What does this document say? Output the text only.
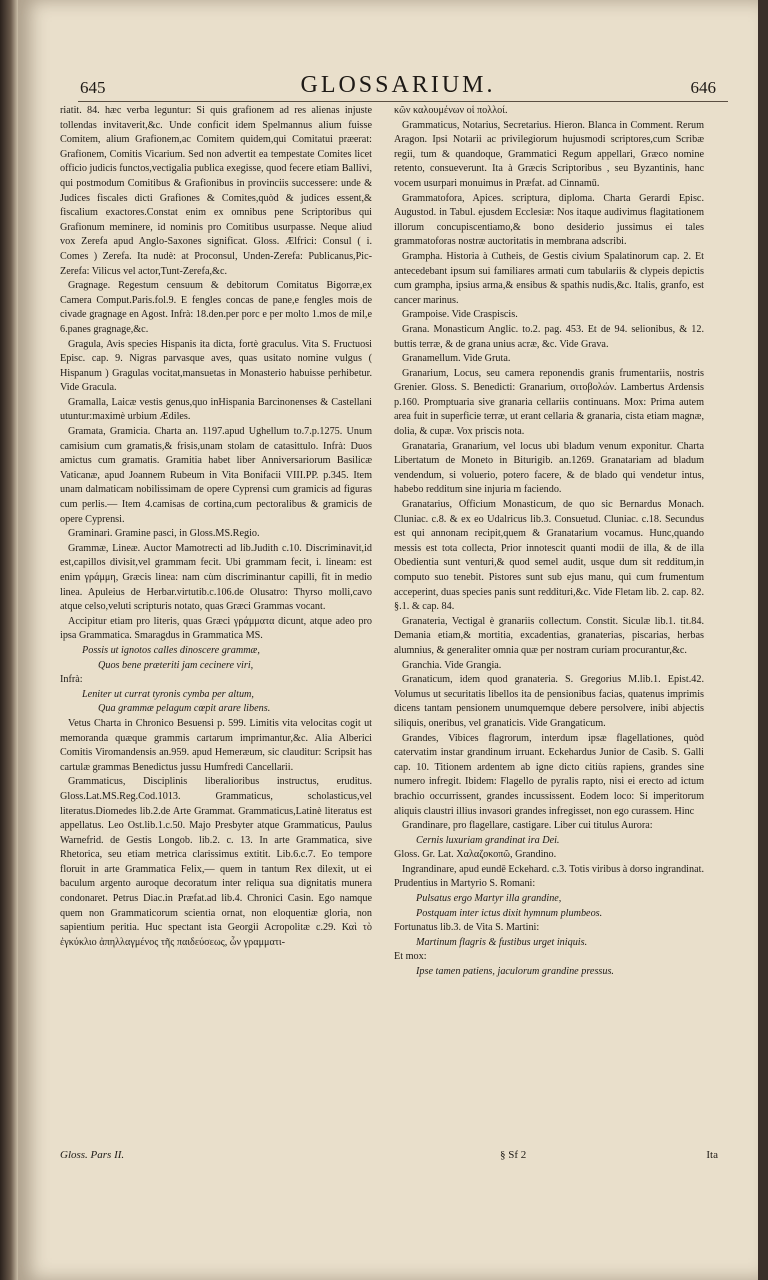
645	GLOSSARIUM.	646

riatit. 84. hæc verba leguntur: Si quis grafionem ad res alienas injuste tollendas invitaverit,&c. Unde conficit idem Spelmannus alium fuisse Comitem, alium Grafionem,ac Comitem quidem,qui Comitatui præerat: Grafionem, Comitis Vicarium. Sed non advertit ea tempestate Comites licet officio judicis functos,vectigalia publica exegisse, quod fecere etiam Ballivi, qui postmodum Comitibus & Grafionibus in provinciis successere: unde & Judices fiscales dicti Grafiones & Comites,quòd & judices essent,& fiscalium exactores.Constat enim ex omnibus pene Scriptoribus qui Grafionum meminere, id nominis pro Comitibus usurpasse. Neque aliud vox Zerefa apud Anglo-Saxones significat. Gloss. Ælfrici: Consul ( i. Comes ) Zerefa. Ita nudè: at Proconsul, Unden-Zerefa: Publicanus,Pic-Zerefa: Vilicus vel actor,Tunt-Zerefa,&c.

Gragnage. Regestum censuum & debitorum Comitatus Bigorræ,ex Camera Comput.Paris.fol.9. E fengles concas de pane,e fengles mois de civade gragnage en Agost. Infrà: 18.den.per porc e per molto 1.mos de mil,e 6.panes gragnage,&c.

Gragula, Avis species Hispanis ita dicta, fortè graculus. Vita S. Fructuosi Episc. cap. 9. Nigras parvasque aves, quas usitato nomine vulgus ( Hispanum ) Gragulas vocitat,mansuetas in Monasterio habuisse perhibetur. Vide Gracula.

Gramalla, Laicæ vestis genus,quo inHispania Barcinonenses & Castellani utuntur:maximè urbium Ædiles.

Gramata, Gramicia. Charta an. 1197.apud Ughellum to.7.p.1275. Unum camisium cum gramatis,& frisis,unam stolam de catasittulo. Infrà: Duos amictus cum gramatis. Gramitia habet liber Anniversariorum Basilicæ Vaticanæ, apud Joannem Rubeum in Vita Bonifacii VIII.PP. p.345. Item unam dalmaticam nobilissimam de opere Cyprensi cum gramicis ad figuras cum perlis.— Item 4.camisas de cortina,cum pectoralibus & gramicis de opere Cyprensi.

Graminari. Gramine pasci, in Gloss.MS.Regio.

Grammæ, Lineæ. Auctor Mamotrecti ad lib.Judith c.10. Discriminavit,id est,capillos divisit,vel grammam fecit. Ubi grammam fecit, i. lineam: est enim γράμμη, Græcis linea: nam cùm discriminantur capilli, fit in medio linea. Apuleius de Herbar.virtutib.c.106.de Olusatro: Thyrso molli,cavo atque celso,veluti scripturis notato, quas Græci Grammas vocant.

Accipitur etiam pro literis, quas Græci γράμματα dicunt, atque adeo pro ipsa Grammatica. Smaragdus in Grammatica MS.

Possis ut ignotos calles dinoscere grammæ,

Quos bene præteriti jam cecinere viri,

Infrà:

Leniter ut currat tyronis cymba per altum,

Qua grammæ pelagum cœpit arare libens.

Vetus Charta in Chronico Besuensi p. 599. Limitis vita velocitas cogit ut memoranda quæque grammis cartarum imprimantur,&c. Alia Alberici Comitis Viromandensis an.959. apud Hemeræum, sic clauditur: Scripsit has cartulæ grammas Benedictus jussu Humfredi Cancellarii.

Grammaticus, Disciplinis liberalioribus instructus, eruditus. Gloss.Lat.MS.Reg.Cod.1013. Grammaticus, scholasticus,vel literatus.Diomedes lib.2.de Arte Grammat. Grammaticus,Latinè literatus est appellatus. Leo Ost.lib.1.c.50. Majo Presbyter atque Grammaticus, Paulus Warnefrid. de Gestis Longob. lib.2. c. 13. In arte Grammatica, sive Rhetorica, seu etiam metrica clarissimus extitit. Lib.6.c.7. Eo tempore floruit in arte Grammatica Felix,— quem in tantum Rex dilexit, ut ei baculum argento auroque decoratum inter reliqua sua dignitatis munera condonaret. Petrus Diac.in Præfat.ad lib.4. Chronici Casin. Ego namque quem non Grammaticorum scientia ornat, non eloquentiæ gloria, non sapientium peritia. Huc spectant ista Georgii Acropolitæ c.29. Καὶ τὸ ἐγκύκλιο ἀπηλλαγμένος τῆς παιδεύσεως, ὧν γραμματι-

κῶν καλουμένων οἱ πολλοί.

Grammaticus, Notarius, Secretarius. Hieron. Blanca in Comment. Rerum Aragon. Ipsi Notarii ac privilegiorum hujusmodi scriptores,cum Scribæ regii, tum & quandoque, Grammatici Regum appellari, Græco nomine retento, consueverunt. Ita à Græcis Scriptoribus , seu Byzantinis, hanc vocem usurpari monuimus in Præfat. ad Cinnamū.

Grammatofora, Apices. scriptura, diploma. Charta Gerardi Episc. Augustod. in Tabul. ejusdem Ecclesiæ: Nos itaque audivimus flagitationem illorum concupiscentiamo,& bono desiderio jussimus ei tales grammatoforas nostræ auctoritatis in membrana adscribi.

Grampha. Historia à Cutheis, de Gestis civium Spalatinorum cap. 2. Et antecedebant ipsum sui familiares armati cum tabulariis & clypeis depictis cum grampha, ipsius arma,& ensibus & spathis nudis,&c. Italis, granfo, est cancer marinus.

Grampoise. Vide Craspiscis.

Grana. Monasticum Anglic. to.2. pag. 453. Et de 94. selionibus, & 12. buttis terræ, & de grana unius acræ, &c. Vide Grava.

Granamellum. Vide Gruta.

Granarium, Locus, seu camera reponendis granis frumentariis, nostris Grenier. Gloss. S. Benedicti: Granarium, σιτοβολών. Lambertus Ardensis p.160. Promptuaria sive granaria cellariis continuans. Mox: Prima autem area fuit in superficie terræ, ut erant cellaria & granaria, cista etiam magnæ, dolia, & cupæ. Vox priscis nota.

Granataria, Granarium, vel locus ubi bladum venum exponitur. Charta Libertatum de Moneto in Biturigib. an.1269. Granatariam ad bladum vendendum, si voluerio, potero facere, & de blado qui vendetur intus, habebo redditum sine injuria m faciendo.

Granatarius, Officium Monasticum, de quo sic Bernardus Monach. Cluniac. c.8. & ex eo Udalricus lib.3. Consuetud. Cluniac. c.18. Secundus est qui annonam recipit,quem & Granatarium vocamus. Hunc,quando messis est tota collecta, Prior innotescit quanti modii de illa, & de illa Obedientia sunt venturi,& quod semel audit, usque dum sit redditum,in computo suo tenebit. Pistores sunt sub ejus manu, qui cum frumentum acceperint, duas species panis sunt reddituri,&c. Vide Fletam lib. 2. cap. 82. §.1. & cap. 84.

Granateria, Vectigal è granariis collectum. Constit. Siculæ lib.1. tit.84. Demania etiam,& mortitia, excadentias, granaterias, piscarias, herbas alumnius, & generaliter omnia quæ per nostram curiam procurantur,&c.

Granchia. Vide Grangia.

Granaticum, idem quod granateria. S. Gregorius M.lib.1. Epist.42. Volumus ut securitatis libellos ita de pensionibus facias, quatenus imprimis dicens tantam pensionem unumquemque debere persolvere, inibi abjectis siliquis, oneribus, vel granaticis. Vide Grangaticum.

Grandes, Vibices flagrorum, interdum ipsæ flagellationes, quòd catervatim instar grandinum irruant. Eckehardus Junior de Casib. S. Galli cap. 10. Titionem ardentem ab igne dicto citiùs rapiens, grandes sine numero infregit. Ibidem: Flagello de pyralis rapto, nisi ei erecto ad ictum brachio occurrissent, grandes incussissent. Eodem loco: Si imperitorum aliquis claustri illius invasori grandes infregisset, non ego curassem. Hinc

Grandinare, pro flagellare, castigare. Liber cui titulus Aurora:

Cernis luxuriam grandinat ira Dei.

Gloss. Gr. Lat. Χαλαζοκοπῶ, Grandino.

Ingrandinare, apud eundē Eckehard. c.3. Totis viribus à dorso ingrandinat. Prudentius in Martyrio S. Romani:

Pulsatus ergo Martyr illa grandine,

Postquam inter ictus dixit hymnum plumbeos.

Fortunatus lib.3. de Vita S. Martini:

Martinum flagris & fustibus urget iniquis.

Et mox:

Ipse tamen patiens, jaculorum grandine pressus.

Gloss. Pars II.	§ Sf 2	Ita
